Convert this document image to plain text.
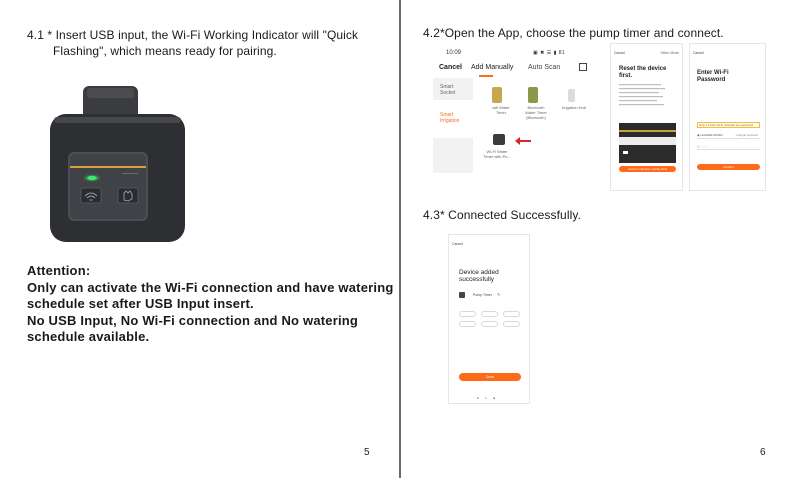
4.1 * Insert USB input, the Wi-Fi Working Indicator will "Quick
Flashing", which means ready for pairing.
Attention:
Only can activate the Wi-Fi connection and have watering
schedule set after USB Input insert.
No USB Input, No Wi-Fi connection and No watering
schedule available.
5
4.2*Open the App, choose the pump timer and connect.
10:09	▣ ✖ ☰ ▮ 81
Cancel Add Manually Auto Scan
Smart Socket
Smart Irrigation
wifi Water Timer
Bluetooth Water Timer (Bluetooth)
Irrigation Hub
Wi-Fi Water Timer with Pu...
Cancel	Other Mode
Reset the device
first.
Confirm indicator rapidly blink
Cancel
Enter Wi-Fi
Password
Only 2.4 GHz Wi-Fi networks are supported
◉ HUAWEI-DF9D1	Change Network
△ ········
Confirm
4.3* Connected Successfully.
Cancel
Device added
successfully
Pump Timer ✎
Done
■●◀
6
